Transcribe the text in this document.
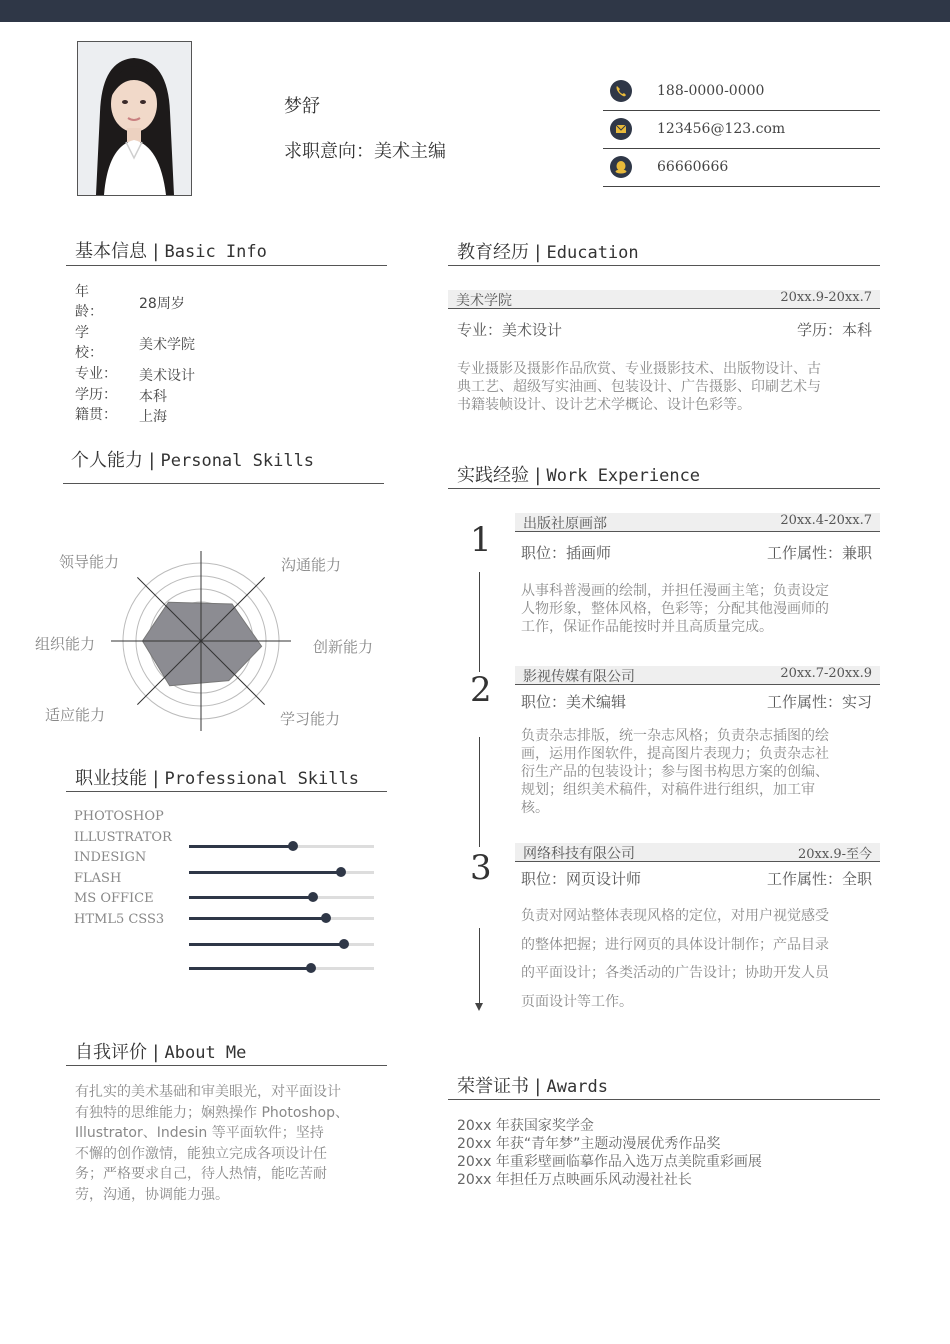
梦舒
求职意向：美术主编
188-0000-0000
123456@123.com
66660666
基本信息 | Basic Info
年龄：	28周岁
学校：	美术学院
专业：	美术设计
学历：	本科
籍贯：	上海
个人能力 | Personal Skills
沟通能力
创新能力
学习能力
适应能力
组织能力
领导能力
职业技能 | Professional Skills
PHOTOSHOP
ILLUSTRATOR
INDESIGN
FLASH
MS OFFICE
HTML5 CSS3
自我评价 | About Me
有扎实的美术基础和审美眼光，对平面设计
有独特的思维能力；娴熟操作 Photoshop、
Illustrator、Indesin 等平面软件；坚持
不懈的创作激情，能独立完成各项设计任
务；严格要求自己，待人热情，能吃苦耐
劳，沟通，协调能力强。
教育经历 | Education
美术学院	20xx.9-20xx.7
专业：美术设计	学历：本科
专业摄影及摄影作品欣赏、专业摄影技术、出版物设计、古
典工艺、超级写实油画、包装设计、广告摄影、印刷艺术与
书籍装帧设计、设计艺术学概论、设计色彩等。
实践经验 | Work Experience
1 出版社原画部	20xx.4-20xx.7
职位：插画师	工作属性：兼职
从事科普漫画的绘制，并担任漫画主笔；负责设定
人物形象，整体风格，色彩等；分配其他漫画师的
工作，保证作品能按时并且高质量完成。
2 影视传媒有限公司	20xx.7-20xx.9
职位：美术编辑	工作属性：实习
负责杂志排版，统一杂志风格；负责杂志插图的绘
画，运用作图软件，提高图片表现力；负责杂志社
衍生产品的包装设计；参与图书构思方案的创编、
规划；组织美术稿件，对稿件进行组织，加工审
核。
3 网络科技有限公司	20xx.9-至今
职位：网页设计师	工作属性：全职
负责对网站整体表现风格的定位，对用户视觉感受
的整体把握；进行网页的具体设计制作；产品目录
的平面设计；各类活动的广告设计；协助开发人员
页面设计等工作。
荣誉证书 | Awards
20xx 年获国家奖学金
20xx 年获“青年梦”主题动漫展优秀作品奖
20xx 年重彩壁画临摹作品入选万点美院重彩画展
20xx 年担任万点映画乐风动漫社社长
